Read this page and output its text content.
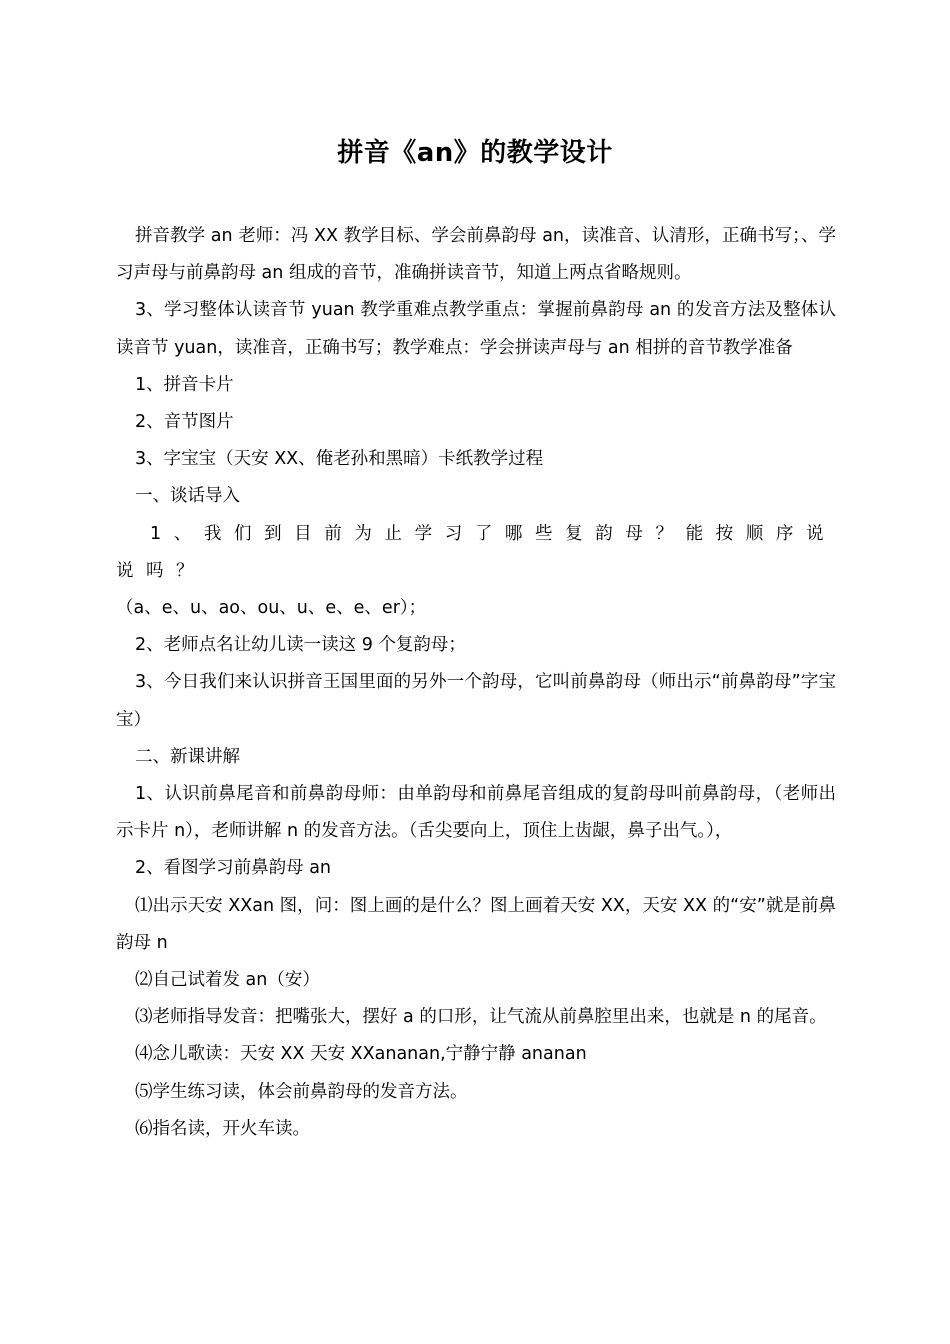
拼音《an》的教学设计

拼音教学 an 老师：冯 XX 教学目标、学会前鼻韵母 an，读准音、认清形，正确书写；、学习声母与前鼻韵母 an 组成的音节，准确拼读音节，知道上两点省略规则。

3、学习整体认读音节 yuan 教学重难点教学重点：掌握前鼻韵母 an 的发音方法及整体认读音节 yuan，读准音，正确书写；教学难点：学会拼读声母与 an 相拼的音节教学准备

1、拼音卡片

2、音节图片

3、字宝宝（天安 XX、俺老孙和黑暗）卡纸教学过程

一、谈话导入

1、我们到目前为止学习了哪些复韵母？能按顺序说说吗？

（a、e、u、ao、ou、u、e、e、er）；

2、老师点名让幼儿读一读这 9 个复韵母；

3、今日我们来认识拼音王国里面的另外一个韵母，它叫前鼻韵母（师出示“前鼻韵母”字宝宝）

二、新课讲解

1、认识前鼻尾音和前鼻韵母师：由单韵母和前鼻尾音组成的复韵母叫前鼻韵母，（老师出示卡片 n），老师讲解 n 的发音方法。（舌尖要向上，顶住上齿龈，鼻子出气。），

2、看图学习前鼻韵母 an

⑴出示天安 XXan 图，问：图上画的是什么？图上画着天安 XX，天安 XX 的“安”就是前鼻韵母 n

⑵自己试着发 an（安）

⑶老师指导发音：把嘴张大，摆好 a 的口形，让气流从前鼻腔里出来，也就是 n 的尾音。

⑷念儿歌读：天安 XX 天安 XXananan,宁静宁静 ananan

⑸学生练习读，体会前鼻韵母的发音方法。

⑹指名读，开火车读。
